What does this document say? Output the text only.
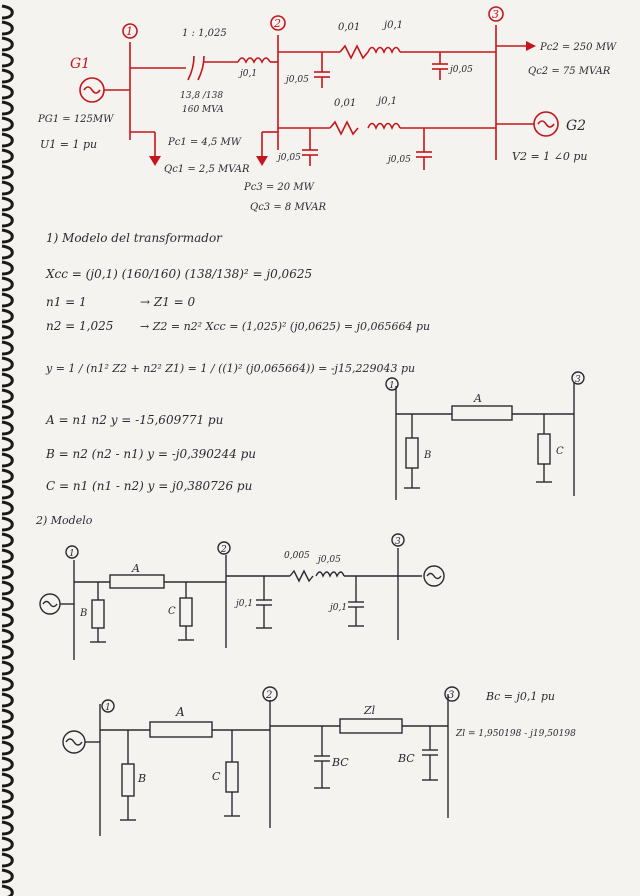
1
2
3
G1
PG1 = 125MW
U1 = 1 pu	Pc1 = 4,5 MW
Qc1 = 2,5 MVAR
1 : 1,025
13,8 /138
160 MVA
j0,1
0,01 j0,1
j0,05
j0,05
Pc2 = 250 MW
Qc2 = 75 MVAR
0,01 j0,1
j0,05	j0,05
Pc3 = 20 MW
Qc3 = 8 MVAR
G2
V2 = 1 ∠0 pu
1) Modelo del transformador
Xcc = (j0,1) (160/160) (138/138)² = j0,0625
n1 = 1	→ Z1 = 0
n2 = 1,025 → Z2 = n2² Xcc = (1,025)² (j0,0625) = j0,065664 pu
y = 1 / (n1² Z2 + n2² Z1) = 1 / ((1)² (j0,065664)) = -j15,229043 pu
A = n1 n2 y = -15,609771 pu
B = n2 (n2 - n1) y = -j0,390244 pu
C = n1 (n1 - n2) y = j0,380726 pu
1
3
A
B	C
2) Modelo
1	2
3
A
B	C
0,005 j0,05
j0,1	j0,1
1
2	3
A
B	C
Zl
BC	BC
Bc = j0,1 pu
Zl = 1,950198 - j19,50198
